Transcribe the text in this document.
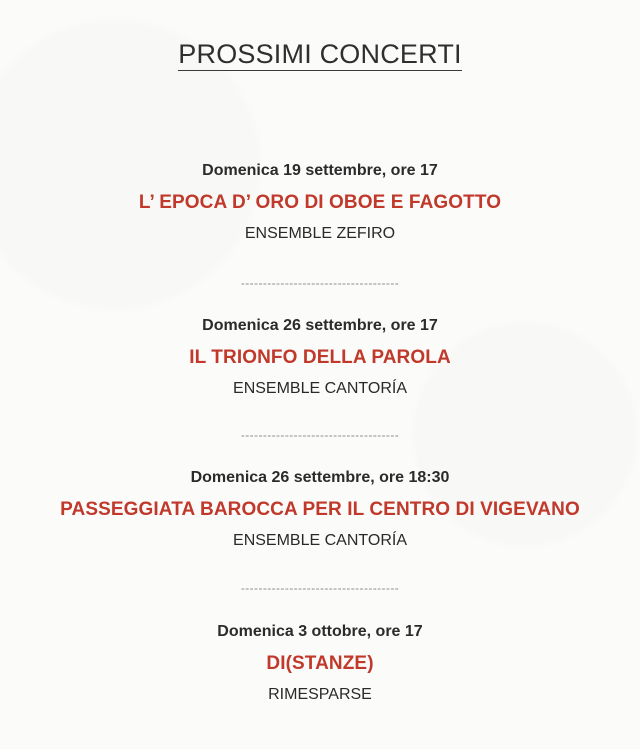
PROSSIMI CONCERTI
Domenica 19 settembre, ore 17
L’ EPOCA D’ ORO DI OBOE E FAGOTTO
ENSEMBLE ZEFIRO
------------------------------------
Domenica 26 settembre, ore 17
IL TRIONFO DELLA PAROLA
ENSEMBLE CANTORÍA
------------------------------------
Domenica 26 settembre, ore 18:30
PASSEGGIATA BAROCCA PER IL CENTRO DI VIGEVANO
ENSEMBLE CANTORÍA
------------------------------------
Domenica 3 ottobre, ore 17
DI(STANZE)
RIMESPARSE
